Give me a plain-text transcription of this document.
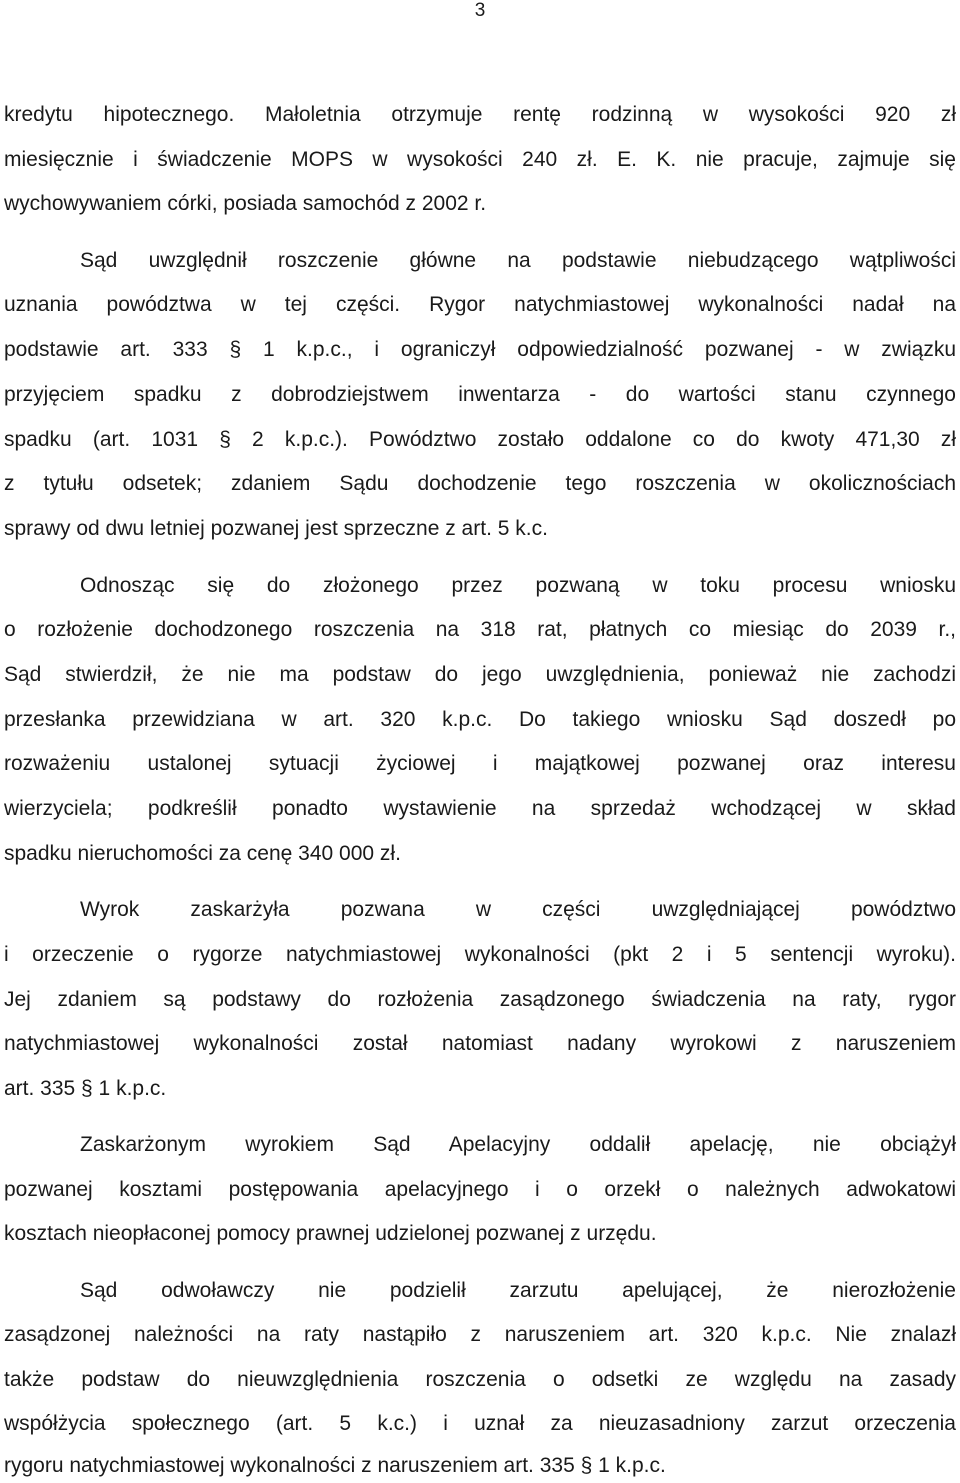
3
kredytu hipotecznego. Małoletnia otrzymuje rentę rodzinną w wysokości 920 zł
miesięcznie i świadczenie MOPS w wysokości 240 zł. E. K. nie pracuje, zajmuje się
wychowywaniem córki, posiada samochód z 2002 r.
Sąd uwzględnił roszczenie główne na podstawie niebudzącego wątpliwości
uznania powództwa w tej części. Rygor natychmiastowej wykonalności nadał na
podstawie art. 333 § 1 k.p.c., i ograniczył odpowiedzialność pozwanej - w związku
przyjęciem spadku z dobrodziejstwem inwentarza - do wartości stanu czynnego
spadku (art. 1031 § 2 k.p.c.). Powództwo zostało oddalone co do kwoty 471,30 zł
z tytułu odsetek; zdaniem Sądu dochodzenie tego roszczenia w okolicznościach
sprawy od dwu letniej pozwanej jest sprzeczne z art. 5 k.c.
Odnosząc się do złożonego przez pozwaną w toku procesu wniosku
o rozłożenie dochodzonego roszczenia na 318 rat, płatnych co miesiąc do 2039 r.,
Sąd stwierdził, że nie ma podstaw do jego uwzględnienia, ponieważ nie zachodzi
przesłanka przewidziana w art. 320 k.p.c. Do takiego wniosku Sąd doszedł po
rozważeniu ustalonej sytuacji życiowej i majątkowej pozwanej oraz interesu
wierzyciela; podkreślił ponadto wystawienie na sprzedaż wchodzącej w skład
spadku nieruchomości za cenę 340 000 zł.
Wyrok zaskarżyła pozwana w części uwzględniającej powództwo
i orzeczenie o rygorze natychmiastowej wykonalności (pkt 2 i 5 sentencji wyroku).
Jej zdaniem są podstawy do rozłożenia zasądzonego świadczenia na raty, rygor
natychmiastowej wykonalności został natomiast nadany wyrokowi z naruszeniem
art. 335 § 1 k.p.c.
Zaskarżonym wyrokiem Sąd Apelacyjny oddalił apelację, nie obciążył
pozwanej kosztami postępowania apelacyjnego i o orzekł o należnych adwokatowi
kosztach nieopłaconej pomocy prawnej udzielonej pozwanej z urzędu.
Sąd odwoławczy nie podzielił zarzutu apelującej, że nierozłożenie
zasądzonej należności na raty nastąpiło z naruszeniem art. 320 k.p.c. Nie znalazł
także podstaw do nieuwzględnienia roszczenia o odsetki ze względu na zasady
współżycia społecznego (art. 5 k.c.) i uznał za nieuzasadniony zarzut orzeczenia
rygoru natychmiastowej wykonalności z naruszeniem art. 335 § 1 k.p.c.
